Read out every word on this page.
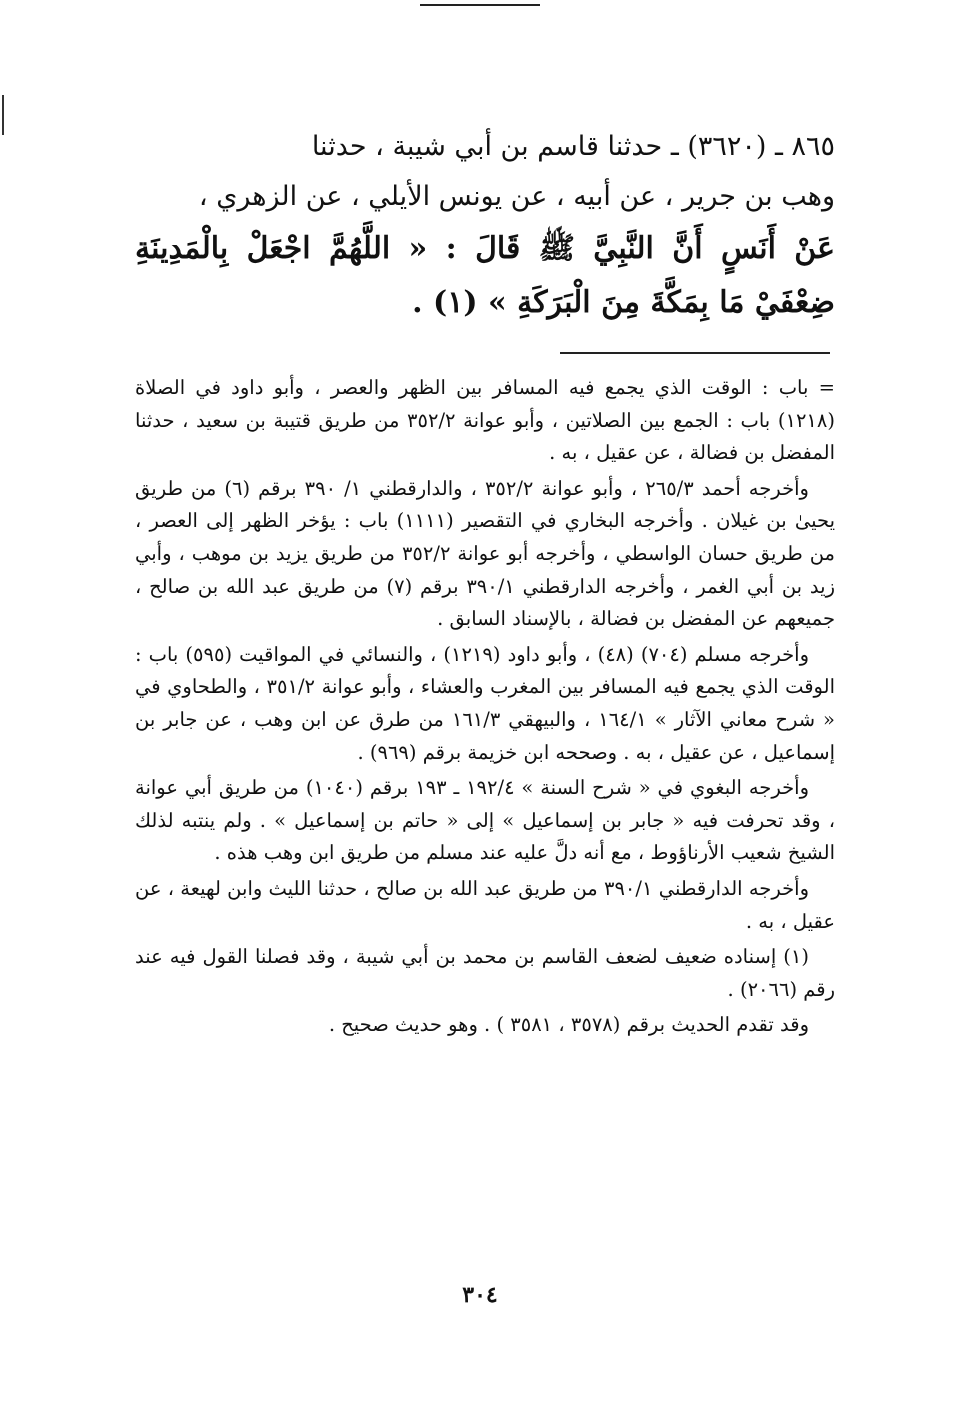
٨٦٥ ـ (٣٦٢٠) ـ حدثنا قاسم بن أبي شيبة ، حدثنا

وهب بن جرير ، عن أبيه ، عن يونس الأيلي ، عن الزهري ،

عَنْ أَنَسٍ أَنَّ النَّبِيَّ ﷺ قَالَ : « اللَّهُمَّ اجْعَلْ بِالْمَدِينَةِ ضِعْفَيْ مَا بِمَكَّةَ مِنَ الْبَرَكَةِ » (١) .

= باب : الوقت الذي يجمع فيه المسافر بين الظهر والعصر ، وأبو داود في الصلاة (١٢١٨) باب : الجمع بين الصلاتين ، وأبو عوانة ٣٥٢/٢ من طريق قتيبة بن سعيد ، حدثنا المفضل بن فضالة ، عن عقيل ، به .

وأخرجه أحمد ٢٦٥/٣ ، وأبو عوانة ٣٥٢/٢ ، والدارقطني ١/ ٣٩٠ برقم (٦) من طريق يحيىٰ بن غيلان . وأخرجه البخاري في التقصير (١١١١) باب : يؤخر الظهر إلى العصر ، من طريق حسان الواسطي ، وأخرجه أبو عوانة ٣٥٢/٢ من طريق يزيد بن موهب ، وأبي زيد بن أبي الغمر ، وأخرجه الدارقطني ٣٩٠/١ برقم (٧) من طريق عبد الله بن صالح ، جميعهم عن المفضل بن فضالة ، بالإسناد السابق .

وأخرجه مسلم (٧٠٤) (٤٨) ، وأبو داود (١٢١٩) ، والنسائي في المواقيت (٥٩٥) باب : الوقت الذي يجمع فيه المسافر بين المغرب والعشاء ، وأبو عوانة ٣٥١/٢ ، والطحاوي في « شرح معاني الآثار » ١٦٤/١ ، والبيهقي ١٦١/٣ من طرق عن ابن وهب ، عن جابر بن إسماعيل ، عن عقيل ، به . وصححه ابن خزيمة برقم (٩٦٩) .

وأخرجه البغوي في « شرح السنة » ١٩٢/٤ ـ ١٩٣ برقم (١٠٤٠) من طريق أبي عوانة ، وقد تحرفت فيه « جابر بن إسماعيل » إلى « حاتم بن إسماعيل » . ولم ينتبه لذلك الشيخ شعيب الأرناؤوط ، مع أنه دلَّ عليه عند مسلم من طريق ابن وهب هذه .

وأخرجه الدارقطني ٣٩٠/١ من طريق عبد الله بن صالح ، حدثنا الليث وابن لهيعة ، عن عقيل ، به .

(١) إسناده ضعيف لضعف القاسم بن محمد بن أبي شيبة ، وقد فصلنا القول فيه عند رقم (٢٠٦٦) .

وقد تقدم الحديث برقم (٣٥٧٨ ، ٣٥٨١ ) . وهو حديث صحيح .

٣٠٤
